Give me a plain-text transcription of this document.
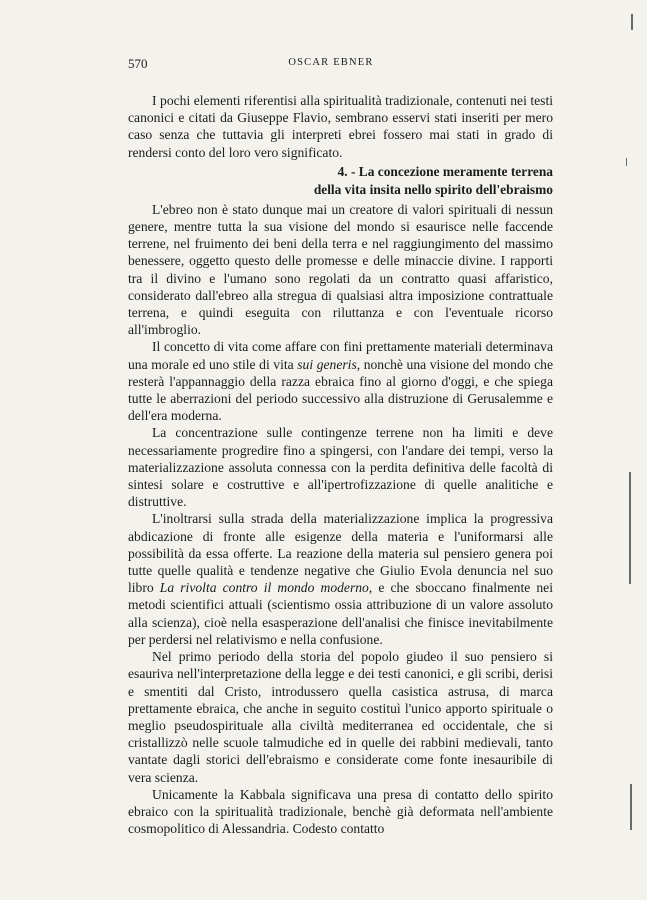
570	OSCAR EBNER

I pochi elementi riferentisi alla spiritualità tradizionale, contenuti nei testi canonici e citati da Giuseppe Flavio, sembrano esservi stati inseriti per mero caso senza che tuttavia gli interpreti ebrei fossero mai stati in grado di rendersi conto del loro vero significato.

4. - La concezione meramente terrena
della vita insita nello spirito dell'ebraismo

L'ebreo non è stato dunque mai un creatore di valori spirituali di nessun genere, mentre tutta la sua visione del mondo si esaurisce nelle faccende terrene, nel fruimento dei beni della terra e nel raggiungimento del massimo benessere, oggetto questo delle promesse e delle minaccie divine. I rapporti tra il divino e l'umano sono regolati da un contratto quasi affaristico, considerato dall'ebreo alla stregua di qualsiasi altra imposizione contrattuale terrena, e quindi eseguita con riluttanza e con l'eventuale ricorso all'imbroglio.

Il concetto di vita come affare con fini prettamente materiali determinava una morale ed uno stile di vita sui generis, nonchè una visione del mondo che resterà l'appannaggio della razza ebraica fino al giorno d'oggi, e che spiega tutte le aberrazioni del periodo successivo alla distruzione di Gerusalemme e dell'era moderna.

La concentrazione sulle contingenze terrene non ha limiti e deve necessariamente progredire fino a spingersi, con l'andare dei tempi, verso la materializzazione assoluta connessa con la perdita definitiva delle facoltà di sintesi solare e costruttive e all'ipertrofizzazione di quelle analitiche e distruttive.

L'inoltrarsi sulla strada della materializzazione implica la progressiva abdicazione di fronte alle esigenze della materia e l'uniformarsi alle possibilità da essa offerte. La reazione della materia sul pensiero genera poi tutte quelle qualità e tendenze negative che Giulio Evola denuncia nel suo libro La rivolta contro il mondo moderno, e che sboccano finalmente nei metodi scientifici attuali (scientismo ossia attribuzione di un valore assoluto alla scienza), cioè nella esasperazione dell'analisi che finisce inevitabilmente per perdersi nel relativismo e nella confusione.

Nel primo periodo della storia del popolo giudeo il suo pensiero si esauriva nell'interpretazione della legge e dei testi canonici, e gli scribi, derisi e smentiti dal Cristo, introdussero quella casistica astrusa, di marca prettamente ebraica, che anche in seguito costituì l'unico apporto spirituale o meglio pseudospirituale alla civiltà mediterranea ed occidentale, che si cristallizzò nelle scuole talmudiche ed in quelle dei rabbini medievali, tanto vantate dagli storici dell'ebraismo e considerate come fonte inesauribile di vera scienza.

Unicamente la Kabbala significava una presa di contatto dello spirito ebraico con la spiritualità tradizionale, benchè già deformata nell'ambiente cosmopolitico di Alessandria. Codesto contatto
